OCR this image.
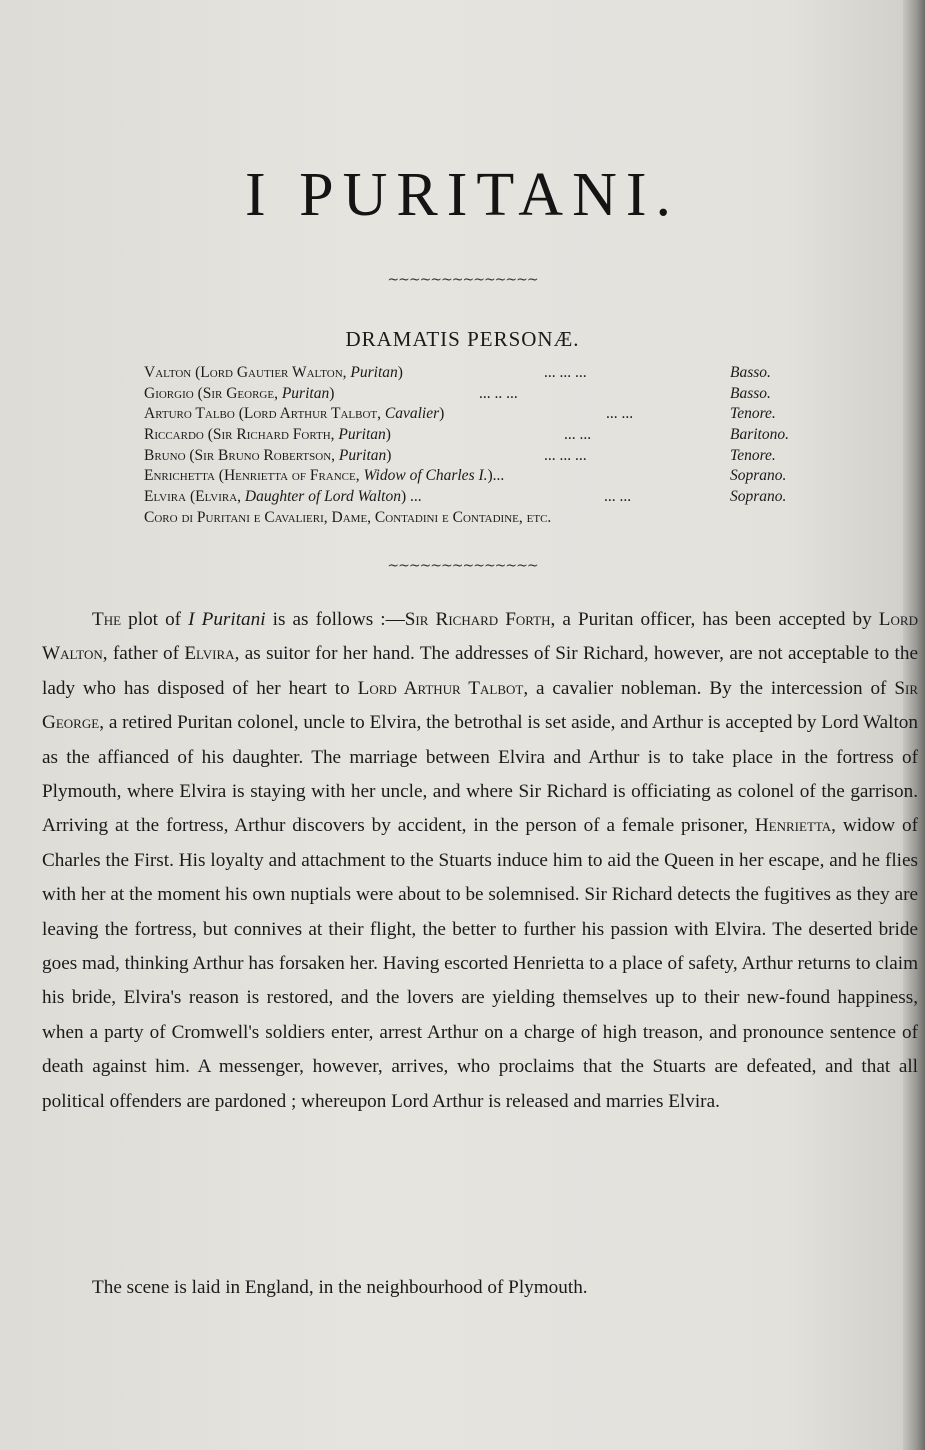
I PURITANI.
~~~~~~~~~~~~~~
DRAMATIS PERSONÆ.
Valton (Lord Gautier Walton, Puritan)	... ... ...	Basso.
Giorgio (Sir George, Puritan)	... .. ...	Basso.
Arturo Talbo (Lord Arthur Talbot, Cavalier)	... ...	Tenore.
Riccardo (Sir Richard Forth, Puritan)	... ...	Baritono.
Bruno (Sir Bruno Robertson, Puritan)	... ... ...	Tenore.
Enrichetta (Henrietta of France, Widow of Charles I.)...	Soprano.
Elvira (Elvira, Daughter of Lord Walton) ...	... ...	Soprano.
Coro di Puritani e Cavalieri, Dame, Contadini e Contadine, etc.
~~~~~~~~~~~~~~

The plot of I Puritani is as follows :—Sir Richard Forth, a Puritan officer, has been accepted by Lord Walton, father of Elvira, as suitor for her hand. The addresses of Sir Richard, however, are not acceptable to the lady who has disposed of her heart to Lord Arthur Talbot, a cavalier nobleman. By the intercession of Sir George, a retired Puritan colonel, uncle to Elvira, the betrothal is set aside, and Arthur is accepted by Lord Walton as the affianced of his daughter. The marriage between Elvira and Arthur is to take place in the fortress of Plymouth, where Elvira is staying with her uncle, and where Sir Richard is officiating as colonel of the garrison. Arriving at the fortress, Arthur discovers by accident, in the person of a female prisoner, Henrietta, widow of Charles the First. His loyalty and attachment to the Stuarts induce him to aid the Queen in her escape, and he flies with her at the moment his own nuptials were about to be solemnised. Sir Richard detects the fugitives as they are leaving the fortress, but connives at their flight, the better to further his passion with Elvira. The deserted bride goes mad, thinking Arthur has forsaken her. Having escorted Henrietta to a place of safety, Arthur returns to claim his bride, Elvira's reason is restored, and the lovers are yielding themselves up to their new-found happiness, when a party of Cromwell's soldiers enter, arrest Arthur on a charge of high treason, and pronounce sentence of death against him. A messenger, however, arrives, who proclaims that the Stuarts are defeated, and that all political offenders are pardoned ; whereupon Lord Arthur is released and marries Elvira.

The scene is laid in England, in the neighbourhood of Plymouth.
